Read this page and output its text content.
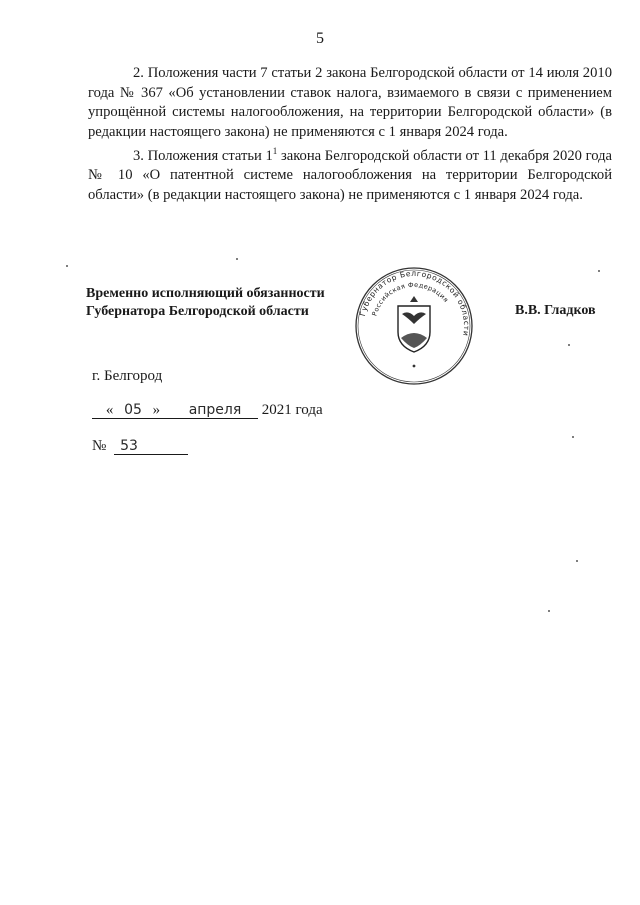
5

2. Положения части 7 статьи 2 закона Белгородской области от 14 июля 2010 года № 367 «Об установлении ставок налога, взимаемого в связи с применением упрощённой системы налогообложения, на территории Белгородской области» (в редакции настоящего закона) не применяются с 1 января 2024 года.

3. Положения статьи $1^1$ закона Белгородской области от 11 декабря 2020 года № 10 «О патентной системе налогообложения на территории Белгородской области» (в редакции настоящего закона) не применяются с 1 января 2024 года.

Временно исполняющий обязанности
Губернатора Белгородской области	Губернатор Белгородской области
Российская Федерация
В.В. Гладков
г. Белгород
« 05 » апреля 2021 года
№ 53
